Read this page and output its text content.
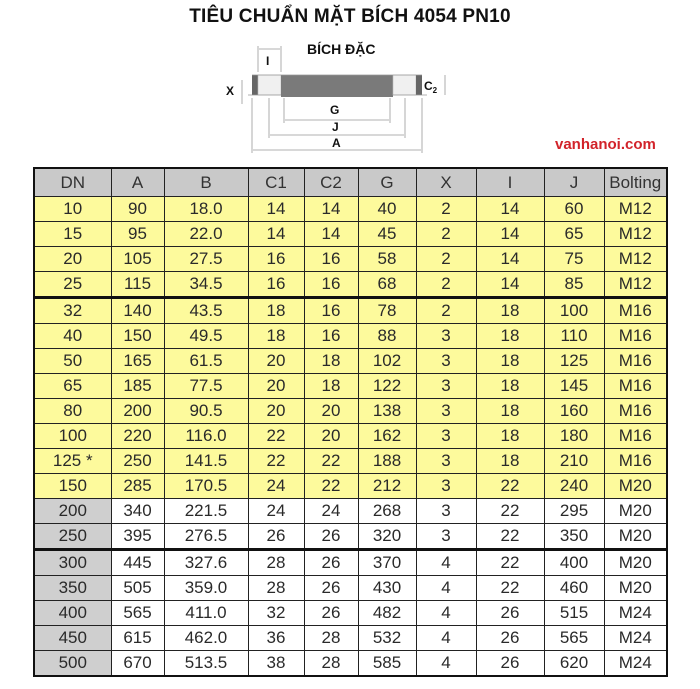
TIÊU CHUẨN MẶT BÍCH 4054 PN10
BÍCH ĐẶC
I
X	$C_2$
G
J
A	vanhanoi.com
DN	A	B	C1	C2	G	X	I	J	Bolting
10	90	18.0	14	14	40	2	14	60	M12
15	95	22.0	14	14	45	2	14	65	M12
20	105	27.5	16	16	58	2	14	75	M12
25	115	34.5	16	16	68	2	14	85	M12
32	140	43.5	18	16	78	2	18	100	M16
40	150	49.5	18	16	88	3	18	110	M16
50	165	61.5	20	18	102	3	18	125	M16
65	185	77.5	20	18	122	3	18	145	M16
80	200	90.5	20	20	138	3	18	160	M16
100	220	116.0	22	20	162	3	18	180	M16
125 *	250	141.5	22	22	188	3	18	210	M16
150	285	170.5	24	22	212	3	22	240	M20
200	340	221.5	24	24	268	3	22	295	M20
250	395	276.5	26	26	320	3	22	350	M20
300	445	327.6	28	26	370	4	22	400	M20
350	505	359.0	28	26	430	4	22	460	M20
400	565	411.0	32	26	482	4	26	515	M24
450	615	462.0	36	28	532	4	26	565	M24
500	670	513.5	38	28	585	4	26	620	M24
